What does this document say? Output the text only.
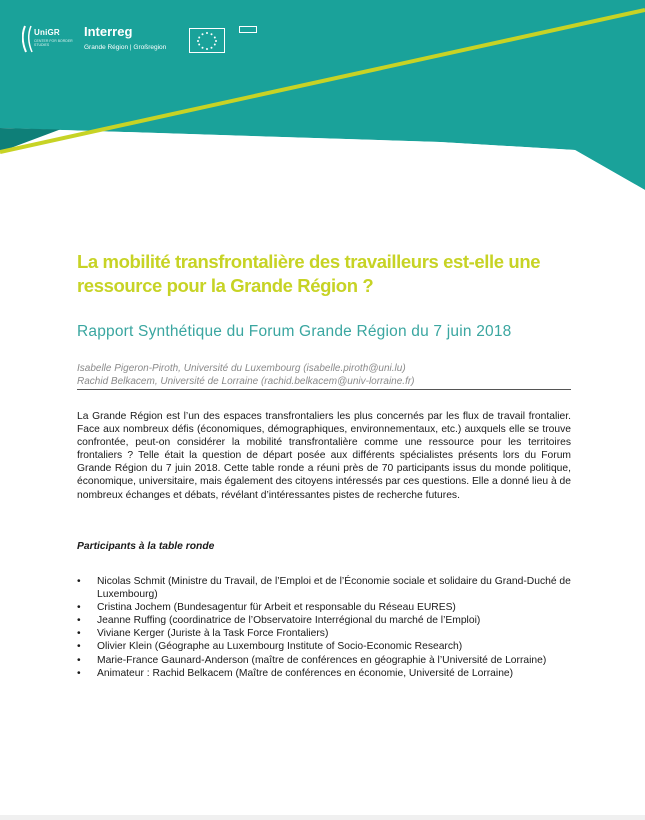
UniGR
CENTER FOR BORDER STUDIES
Interreg
Grande Région | Großregion
La mobilité transfrontalière des travailleurs est-elle une ressource pour la Grande Région ?
Rapport Synthétique du Forum Grande Région du 7 juin 2018
Isabelle Pigeron-Piroth, Université du Luxembourg (isabelle.piroth@uni.lu)
Rachid Belkacem, Université de Lorraine (rachid.belkacem@univ-lorraine.fr)

La Grande Région est l’un des espaces transfrontaliers les plus concernés par les flux de travail frontalier. Face aux nombreux défis (économiques, démographiques, environnementaux, etc.) auxquels elle se trouve confrontée, peut-on considérer la mobilité transfrontalière comme une ressource pour les territoires frontaliers ? Telle était la question de départ posée aux différents spécialistes présents lors du Forum Grande Région du 7 juin 2018. Cette table ronde a réuni près de 70 participants issus du monde politique, économique, universitaire, mais également des citoyens intéressés par ces questions. Elle a donné lieu à de nombreux échanges et débats, révélant d’intéressantes pistes de recherche futures.

Participants à la table ronde
• Nicolas Schmit (Ministre du Travail, de l’Emploi et de l’Économie sociale et solidaire du Grand-Duché de Luxembourg)
• Cristina Jochem (Bundesagentur für Arbeit et responsable du Réseau EURES)
• Jeanne Ruffing (coordinatrice de l’Observatoire Interrégional du marché de l’Emploi)
• Viviane Kerger (Juriste à la Task Force Frontaliers)
• Olivier Klein (Géographe au Luxembourg Institute of Socio-Economic Research)
• Marie-France Gaunard-Anderson (maître de conférences en géographie à l’Université de Lorraine)
• Animateur : Rachid Belkacem (Maître de conférences en économie, Université de Lorraine)
